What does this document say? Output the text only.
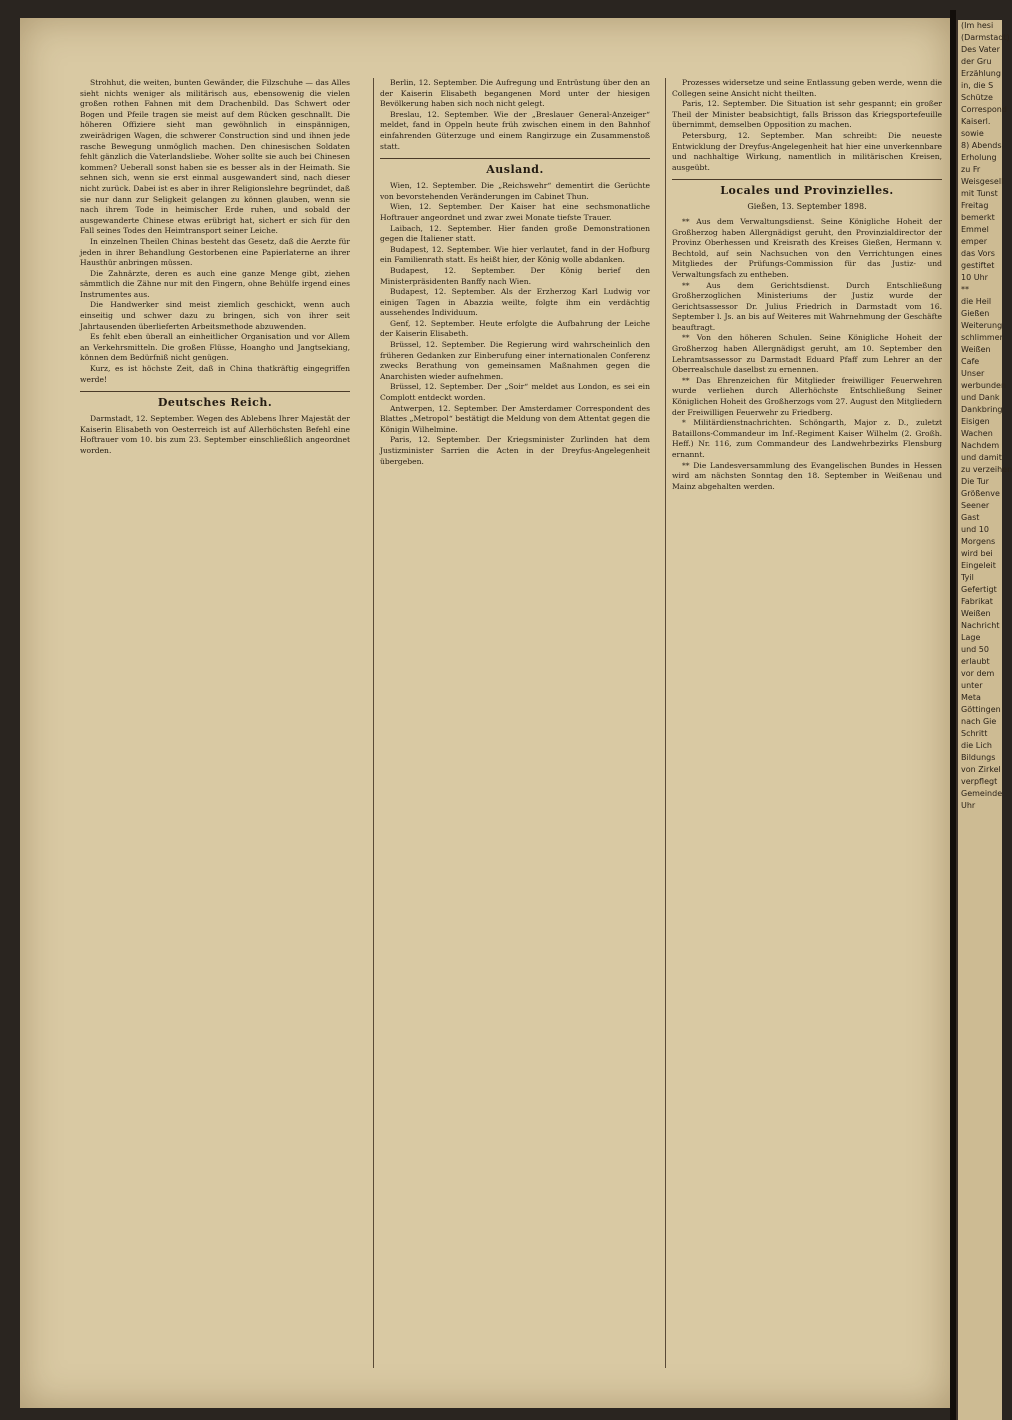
Strohhut, die weiten, bunten Gewänder, die Filzschuhe — das Alles sieht nichts weniger als militärisch aus, ebensowenig die vielen großen rothen Fahnen mit dem Drachenbild. Das Schwert oder Bogen und Pfeile tragen sie meist auf dem Rücken geschnallt. Die höheren Offiziere sieht man gewöhnlich in einspännigen, zweirädrigen Wagen, die schwerer Construction sind und ihnen jede rasche Bewegung unmöglich machen. Den chinesischen Soldaten fehlt gänzlich die Vaterlandsliebe. Woher sollte sie auch bei Chinesen kommen? Ueberall sonst haben sie es besser als in der Heimath. Sie sehnen sich, wenn sie erst einmal ausgewandert sind, nach dieser nicht zurück. Dabei ist es aber in ihrer Religionslehre begründet, daß sie nur dann zur Seligkeit gelangen zu können glauben, wenn sie nach ihrem Tode in heimischer Erde ruhen, und sobald der ausgewanderte Chinese etwas erübrigt hat, sichert er sich für den Fall seines Todes den Heimtransport seiner Leiche.

In einzelnen Theilen Chinas besteht das Gesetz, daß die Aerzte für jeden in ihrer Behandlung Gestorbenen eine Papierlaterne an ihrer Hausthür anbringen müssen.

Die Zahnärzte, deren es auch eine ganze Menge gibt, ziehen sämmtlich die Zähne nur mit den Fingern, ohne Behülfe irgend eines Instrumentes aus.

Die Handwerker sind meist ziemlich geschickt, wenn auch einseitig und schwer dazu zu bringen, sich von ihrer seit Jahrtausenden überlieferten Arbeitsmethode abzuwenden.

Es fehlt eben überall an einheitlicher Organisation und vor Allem an Verkehrsmitteln. Die großen Flüsse, Hoangho und Jangtsekiang, können dem Bedürfniß nicht genügen.

Kurz, es ist höchste Zeit, daß in China thatkräftig eingegriffen werde!

Deutsches Reich.

Darmstadt, 12. September. Wegen des Ablebens Ihrer Majestät der Kaiserin Elisabeth von Oesterreich ist auf Allerhöchsten Befehl eine Hoftrauer vom 10. bis zum 23. September einschließlich angeordnet worden.

Berlin, 12. September. Die Aufregung und Entrüstung über den an der Kaiserin Elisabeth begangenen Mord unter der hiesigen Bevölkerung haben sich noch nicht gelegt.

Breslau, 12. September. Wie der „Breslauer General-Anzeiger“ meldet, fand in Oppeln heute früh zwischen einem in den Bahnhof einfahrenden Güterzuge und einem Rangirzuge ein Zusammenstoß statt.

Ausland.

Wien, 12. September. Die „Reichswehr“ dementirt die Gerüchte von bevorstehenden Veränderungen im Cabinet Thun.

Wien, 12. September. Der Kaiser hat eine sechsmonatliche Hoftrauer angeordnet und zwar zwei Monate tiefste Trauer.

Laibach, 12. September. Hier fanden große Demonstrationen gegen die Italiener statt.

Budapest, 12. September. Wie hier verlautet, fand in der Hofburg ein Familienrath statt. Es heißt hier, der König wolle abdanken.

Budapest, 12. September. Der König berief den Ministerpräsidenten Banffy nach Wien.

Budapest, 12. September. Als der Erzherzog Karl Ludwig vor einigen Tagen in Abazzia weilte, folgte ihm ein verdächtig aussehendes Individuum.

Genf, 12. September. Heute erfolgte die Aufbahrung der Leiche der Kaiserin Elisabeth.

Brüssel, 12. September. Die Regierung wird wahrscheinlich den früheren Gedanken zur Einberufung einer internationalen Conferenz zwecks Berathung von gemeinsamen Maßnahmen gegen die Anarchisten wieder aufnehmen.

Brüssel, 12. September. Der „Soir“ meldet aus London, es sei ein Complott entdeckt worden.

Antwerpen, 12. September. Der Amsterdamer Correspondent des Blattes „Metropol“ bestätigt die Meldung von dem Attentat gegen die Königin Wilhelmine.

Paris, 12. September. Der Kriegsminister Zurlinden hat dem Justizminister Sarrien die Acten in der Dreyfus-Angelegenheit übergeben.

Prozesses widersetze und seine Entlassung geben werde, wenn die Collegen seine Ansicht nicht theilten.

Paris, 12. September. Die Situation ist sehr gespannt; ein großer Theil der Minister beabsichtigt, falls Brisson das Kriegsportefeuille übernimmt, demselben Opposition zu machen.

Petersburg, 12. September. Man schreibt: Die neueste Entwicklung der Dreyfus-Angelegenheit hat hier eine unverkennbare und nachhaltige Wirkung, namentlich in militärischen Kreisen, ausgeübt.

Locales und Provinzielles.
Gießen, 13. September 1898.

** Aus dem Verwaltungsdienst. Seine Königliche Hoheit der Großherzog haben Allergnädigst geruht, den Provinzialdirector der Provinz Oberhessen und Kreisrath des Kreises Gießen, Hermann v. Bechtold, auf sein Nachsuchen von den Verrichtungen eines Mitgliedes der Prüfungs-Commission für das Justiz- und Verwaltungsfach zu entheben.

** Aus dem Gerichtsdienst. Durch Entschließung Großherzoglichen Ministeriums der Justiz wurde der Gerichtsassessor Dr. Julius Friedrich in Darmstadt vom 16. September l. Js. an bis auf Weiteres mit Wahrnehmung der Geschäfte beauftragt.

** Von den höheren Schulen. Seine Königliche Hoheit der Großherzog haben Allergnädigst geruht, am 10. September den Lehramtsassessor zu Darmstadt Eduard Pfaff zum Lehrer an der Oberrealschule daselbst zu ernennen.

** Das Ehrenzeichen für Mitglieder freiwilliger Feuerwehren wurde verliehen durch Allerhöchste Entschließung Seiner Königlichen Hoheit des Großherzogs vom 27. August den Mitgliedern der Freiwilligen Feuerwehr zu Friedberg.

* Militärdienstnachrichten. Schöngarth, Major z. D., zuletzt Bataillons-Commandeur im Inf.-Regiment Kaiser Wilhelm (2. Großh. Heff.) Nr. 116, zum Commandeur des Landwehrbezirks Flensburg ernannt.

** Die Landesversammlung des Evangelischen Bundes in Hessen wird am nächsten Sonntag den 18. September in Weißenau und Mainz abgehalten werden.

(Im hesi
(Darmstadt)
Des Vater
der Gru
Erzählung
in, die S
Schütze
Correspond
Kaiserl.
sowie
8) Abends
Erholung
zu Fr
Weisgesell
mit Tunst
Freitag
bemerkt
Emmel
emper
das Vors
gestiftet
10 Uhr
**
die Heil
Gießen
Weiterung
schlimmer
Weißen
Cafe
Unser
werbunden
und Dank
Dankbring
Eisigen
Wachen
Nachdem
und damit
zu verzeihen
Die Tur
Größenve
Seener
Gast
und 10
Morgens
wird bei
Eingeleit
Tyil
Gefertigt
Fabrikat
Weißen
Nachricht
Lage
und 50
erlaubt
vor dem
unter
Meta
Göttingen
nach Gie
Schritt
die Lich
Bildungs
von Zirkel
verpflegt
Gemeinde
Uhr
